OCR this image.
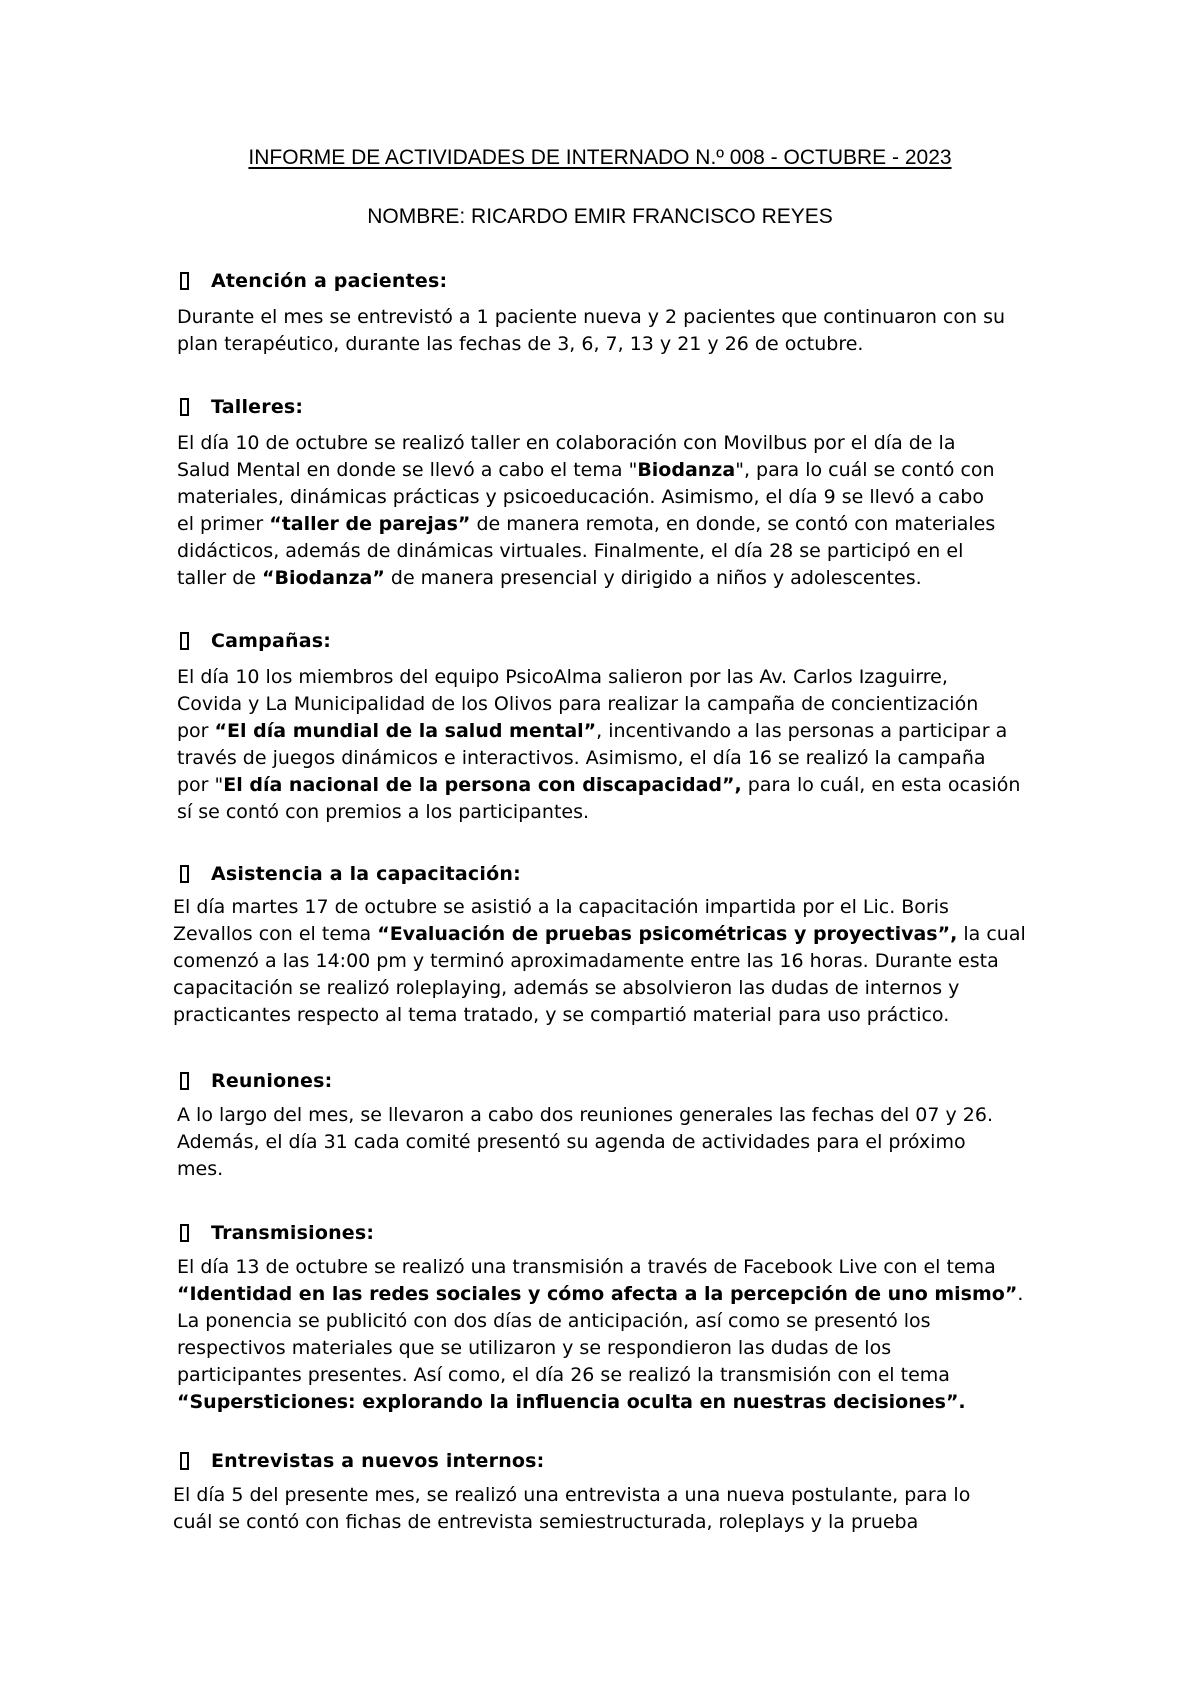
INFORME DE ACTIVIDADES DE INTERNADO N.º 008 - OCTUBRE - 2023
NOMBRE: RICARDO EMIR FRANCISCO REYES
Atención a pacientes:

Durante el mes se entrevistó a 1 paciente nueva y 2 pacientes que continuaron con su
plan terapéutico, durante las fechas de 3, 6, 7, 13 y 21 y 26 de octubre.

Talleres:

El día 10 de octubre se realizó taller en colaboración con Movilbus por el día de la
Salud Mental en donde se llevó a cabo el tema "Biodanza", para lo cuál se contó con
materiales, dinámicas prácticas y psicoeducación. Asimismo, el día 9 se llevó a cabo
el primer “taller de parejas” de manera remota, en donde, se contó con materiales
didácticos, además de dinámicas virtuales. Finalmente, el día 28 se participó en el
taller de “Biodanza” de manera presencial y dirigido a niños y adolescentes.

Campañas:

El día 10 los miembros del equipo PsicoAlma salieron por las Av. Carlos Izaguirre,
Covida y La Municipalidad de los Olivos para realizar la campaña de concientización
por “El día mundial de la salud mental”, incentivando a las personas a participar a
través de juegos dinámicos e interactivos. Asimismo, el día 16 se realizó la campaña
por "El día nacional de la persona con discapacidad”, para lo cuál, en esta ocasión
sí se contó con premios a los participantes.

Asistencia a la capacitación:

El día martes 17 de octubre se asistió a la capacitación impartida por el Lic. Boris
Zevallos con el tema “Evaluación de pruebas psicométricas y proyectivas”, la cual
comenzó a las 14:00 pm y terminó aproximadamente entre las 16 horas. Durante esta
capacitación se realizó roleplaying, además se absolvieron las dudas de internos y
practicantes respecto al tema tratado, y se compartió material para uso práctico.

Reuniones:

A lo largo del mes, se llevaron a cabo dos reuniones generales las fechas del 07 y 26.
Además, el día 31 cada comité presentó su agenda de actividades para el próximo
mes.

Transmisiones:

El día 13 de octubre se realizó una transmisión a través de Facebook Live con el tema
“Identidad en las redes sociales y cómo afecta a la percepción de uno mismo”.
La ponencia se publicitó con dos días de anticipación, así como se presentó los
respectivos materiales que se utilizaron y se respondieron las dudas de los
participantes presentes. Así como, el día 26 se realizó la transmisión con el tema
“Supersticiones: explorando la influencia oculta en nuestras decisiones”.

Entrevistas a nuevos internos:

El día 5 del presente mes, se realizó una entrevista a una nueva postulante, para lo
cuál se contó con fichas de entrevista semiestructurada, roleplays y la prueba
